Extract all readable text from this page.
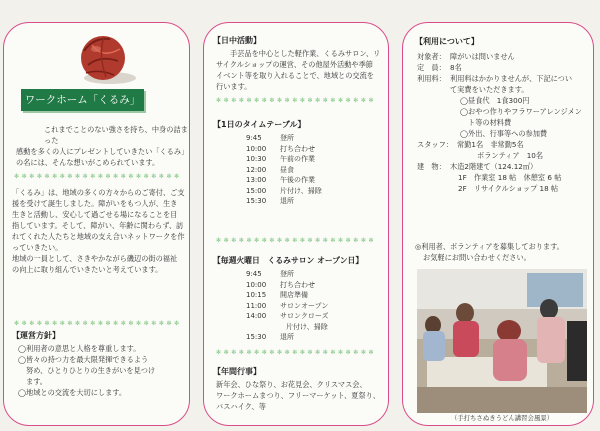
ワークホーム「くるみ」
これまでことのない強さを持ち、中身の詰まった
感動を多くの人にプレゼントしていきたい「くるみ」
の名には、そんな想いがこめられています。
✻✻✻✻✻✻✻✻✻✻✻✻✻✻✻✻✻✻✻✻✻✻
「くるみ」は、地域の多くの方々からのご寄付、ご支
援を受けて誕生しました。障がいをもつ人が、生き
生きと活動し、安心して過ごせる場になることを目
指しています。そして、障がい、年齢に関わらず、訪
れてくれた人たちと地域の支え合いネットワークを作
っていきたい。
地域の一員として、さきやかながら磯辺の街の福祉
の向上に取り組んでいきたいと考えています。
✻✻✻✻✻✻✻✻✻✻✻✻✻✻✻✻✻✻✻✻✻✻
【運営方針】
◯利用者の意思と人格を尊重します。
◯皆々の持つ力を最大限発揮できるよう
努め、ひとりひとりの生きがいを見つけ
ます。
◯地域との交流を大切にします。
【日中活動】
手芸品を中心とした軽作業、くるみサロン、リ
サイクルショップの運営、その他屋外活動や季節
イベント等を取り入れることで、地域との交流を
行います。
✻✻✻✻✻✻✻✻✻✻✻✻✻✻✻✻✻✻✻✻✻
【1日のタイムテーブル】
9:45	登所
10:00	打ち合わせ
10:30	午前の作業
12:00	昼食
13:00	午後の作業
15:00	片付け、掃除
15:30	退所
✻✻✻✻✻✻✻✻✻✻✻✻✻✻✻✻✻✻✻✻✻
【毎週火曜日　くるみサロン オープン日】
9:45	登所
10:00	打ち合わせ
10:15	開店準備
11:00	サロンオープン
14:00	サロンクローズ
片付け、掃除
15:30	退所
✻✻✻✻✻✻✻✻✻✻✻✻✻✻✻✻✻✻✻✻✻
【年間行事】
新年会、ひな祭り、お花見会、クリスマス会、
ワークホームまつり、フリーマーケット、夏祭り、
バスハイク、等
【利用について】
対象者： 障がいは問いません
定　員： 8名
利用料： 利用料はかかりませんが、下記につい
て実費をいただきます。
◯昼食代　1食300円
◯おやつ作りやフラワーアレンジメン
ト等の材料費
◯外出、行事等への参加費
スタッフ： 常勤1名　非常勤5名
ボランティア　10名
建　物： 木造2階建て（124.12㎡）
1F　作業室 18 帖　休憩室 6 帖
2F　リサイクルショップ 18 帖
◎利用者、ボランティアを募集しております。
お気軽にお問い合わせください。
（手打ちさぬきうどん講習会風景）
